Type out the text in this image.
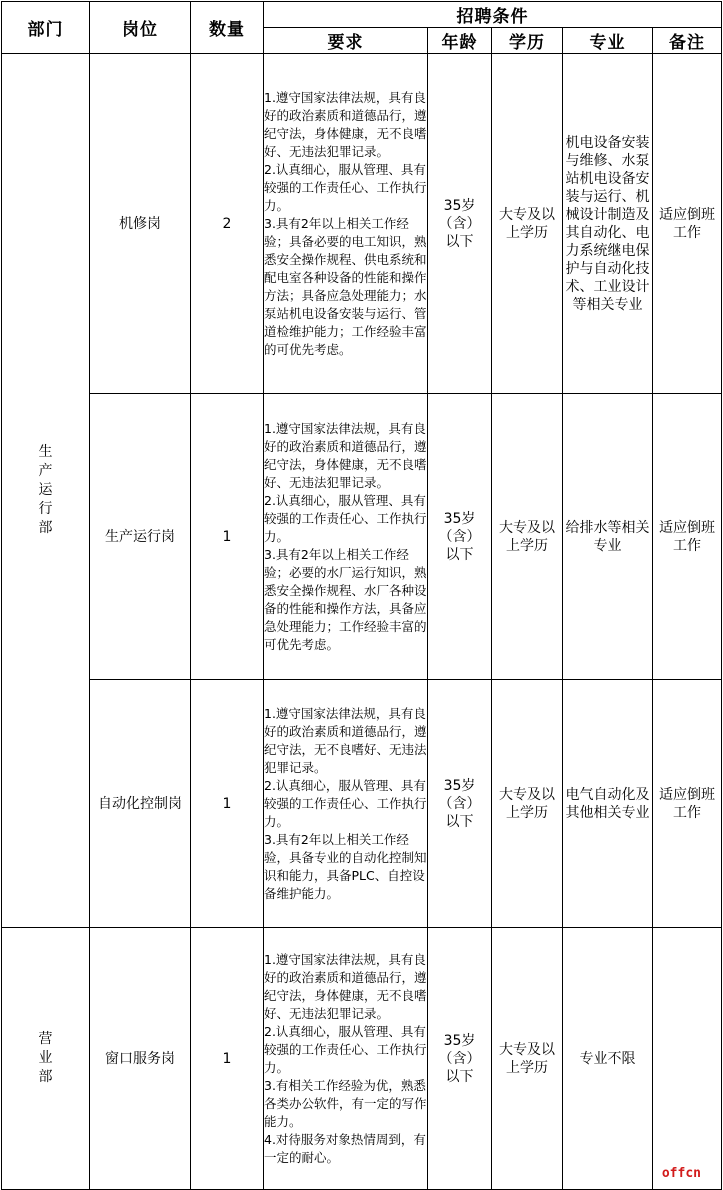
部门	岗位	数量	招聘条件				
			要求	年龄	学历	专业	备注
生产运行部	机修岗	2	1.遵守国家法律法规，具有良好的政治素质和道德品行，遵纪守法，身体健康，无不良嗜好、无违法犯罪记录。
2.认真细心，服从管理、具有较强的工作责任心、工作执行力。
3.具有2年以上相关工作经验；具备必要的电工知识，熟悉安全操作规程、供电系统和配电室各种设备的性能和操作方法；具备应急处理能力；水泵站机电设备安装与运行、管道检维护能力；工作经验丰富的可优先考虑。	35岁（含）以下	大专及以上学历	机电设备安装与维修、水泵站机电设备安装与运行、机械设计制造及其自动化、电力系统继电保护与自动化技术、工业设计等相关专业	适应倒班工作
	生产运行岗	1	1.遵守国家法律法规，具有良好的政治素质和道德品行，遵纪守法，身体健康，无不良嗜好、无违法犯罪记录。
2.认真细心，服从管理、具有较强的工作责任心、工作执行力。
3.具有2年以上相关工作经验；必要的水厂运行知识，熟悉安全操作规程、水厂各种设备的性能和操作方法，具备应急处理能力；工作经验丰富的可优先考虑。	35岁（含）以下	大专及以上学历	给排水等相关专业	适应倒班工作
	自动化控制岗	1	1.遵守国家法律法规，具有良好的政治素质和道德品行，遵纪守法，无不良嗜好、无违法犯罪记录。
2.认真细心，服从管理、具有较强的工作责任心、工作执行力。
3.具有2年以上相关工作经验，具备专业的自动化控制知识和能力，具备PLC、自控设备维护能力。	35岁（含）以下	大专及以上学历	电气自动化及其他相关专业	适应倒班工作
营业部	窗口服务岗	1	1.遵守国家法律法规，具有良好的政治素质和道德品行，遵纪守法，身体健康，无不良嗜好、无违法犯罪记录。
2.认真细心，服从管理、具有较强的工作责任心、工作执行力。
3.有相关工作经验为优，熟悉各类办公软件，有一定的写作能力。
4.对待服务对象热情周到，有一定的耐心。	35岁（含）以下	大专及以上学历	专业不限	
offcn
